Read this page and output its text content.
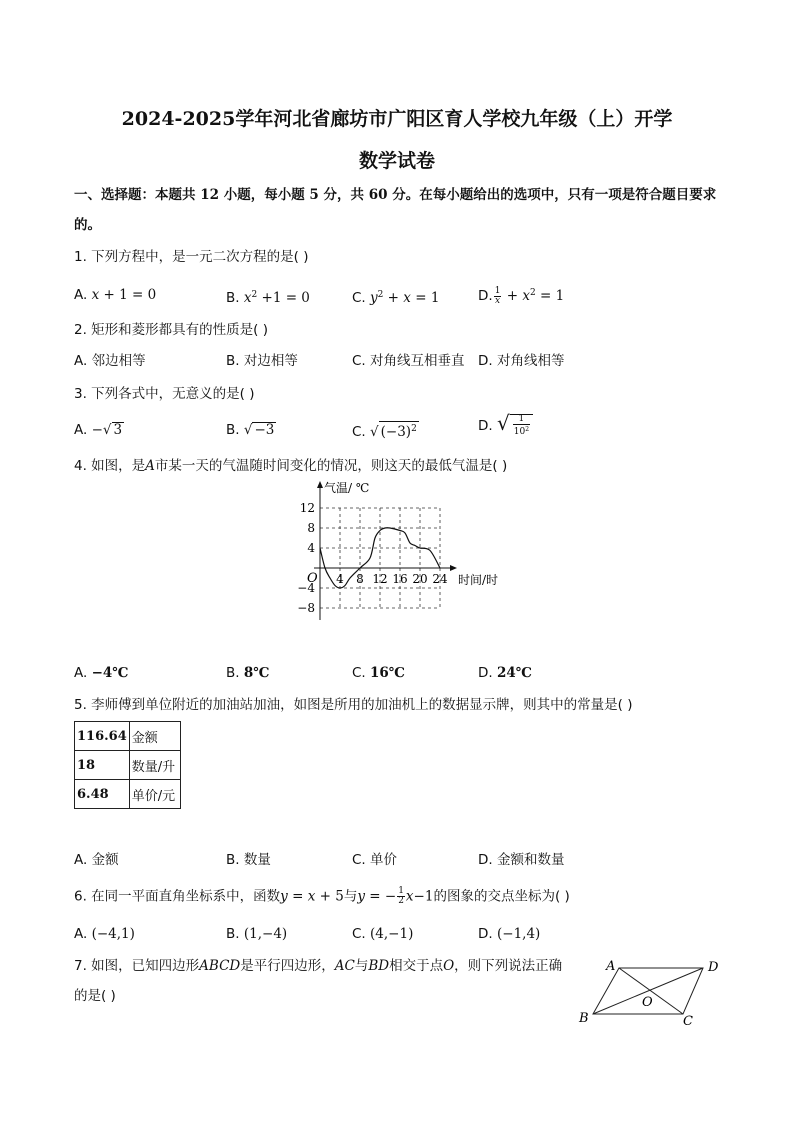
2024-2025学年河北省廊坊市广阳区育人学校九年级（上）开学
数学试卷
一、选择题：本题共 12 小题，每小题 5 分，共 60 分。在每小题给出的选项中，只有一项是符合题目要求
的。
1. 下列方程中，是一元二次方程的是( )
A. x + 1 = 0	B. $x^2 +1 = 0$	C. $y^2 + x = 1$	D. $\frac{1}{x} + x^2 = 1$
2. 矩形和菱形都具有的性质是( )
A. 邻边相等	B. 对边相等	C. 对角线互相垂直 D. 对角线相等
3. 下列各式中，无意义的是( )
A. −√ 3	B. √ −3	C. √ $(-3)^2$	D. √ $\frac{1}{10^2}$
4. 如图，是A市某一天的气温随时间变化的情况，则这天的最低气温是( )
4 8 12 16 20 24
12
8
4
−4
−8
气温/ ℃
时间/时
O
A. −4℃	B. 8℃	C. 16℃	D. 24℃
5. 李师傅到单位附近的加油站加油，如图是所用的加油机上的数据显示牌，则其中的常量是( )
116.64	金额
18	数量/升
6.48	单价/元
A. 金额	B. 数量	C. 单价	D. 金额和数量
6. 在同一平面直角坐标系中，函数y = x + 5与y = − $\frac{1}{2} x-1$的图象的交点坐标为( )
A. (−4,1)	B. (1,−4)	C. (4,−1)	D. (−1,4)
7. 如图，已知四边形ABCD是平行四边形，AC与BD相交于点O，则下列说法正确
的是( )
A	D
B	C
O
